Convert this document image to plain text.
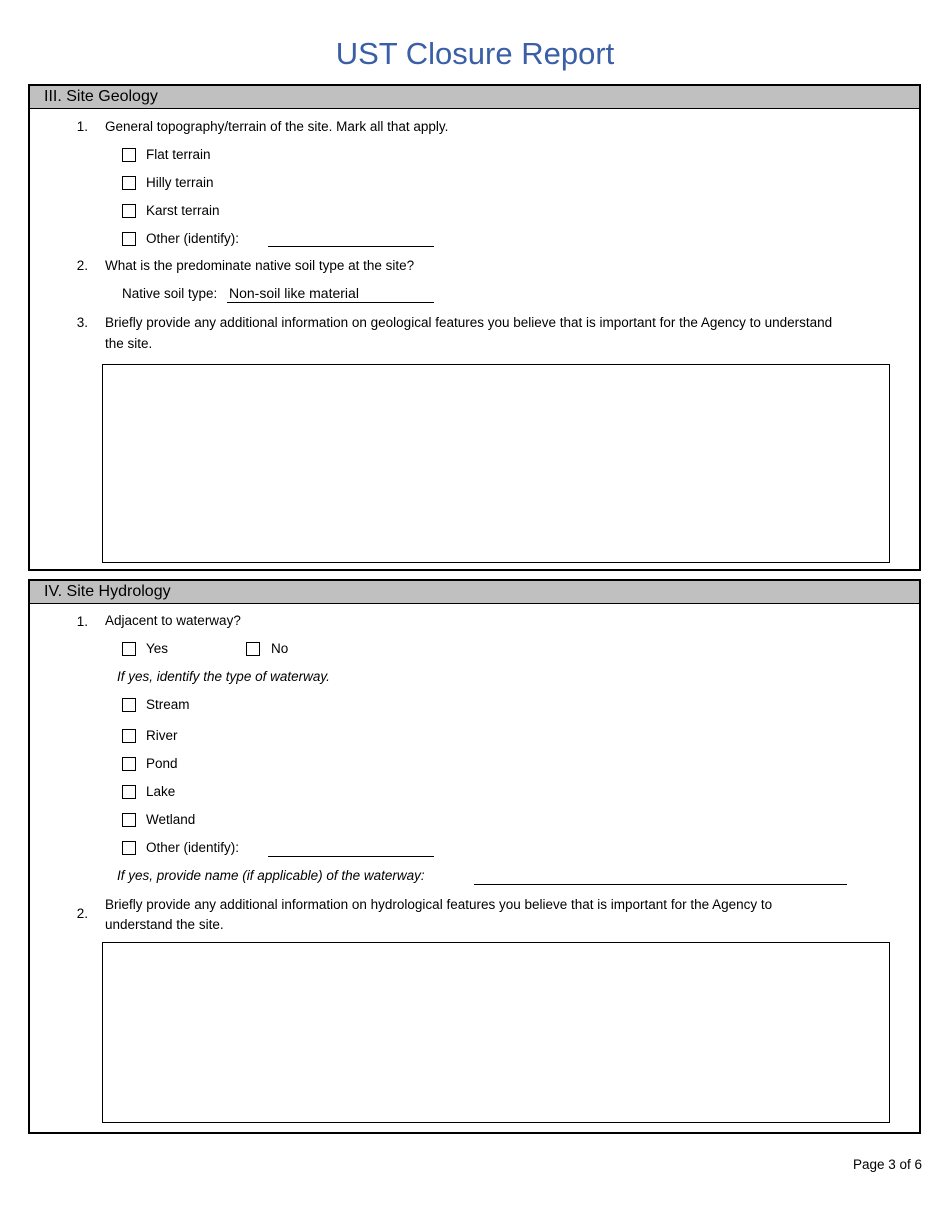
UST Closure Report
III. Site Geology
1. General topography/terrain of the site. Mark all that apply.
Flat terrain
Hilly terrain
Karst terrain
Other (identify):
2. What is the predominate native soil type at the site?
Native soil type: Non-soil like material
3. Briefly provide any additional information on geological features you believe that is important for the Agency to understand
the site.
IV. Site Hydrology
1. Adjacent to waterway?
Yes	No
If yes, identify the type of waterway.
Stream
River
Pond
Lake
Wetland
Other (identify):
If yes, provide name (if applicable) of the waterway:
2.
Briefly provide any additional information on hydrological features you believe that is important for the Agency to
understand the site.
Page 3 of 6
